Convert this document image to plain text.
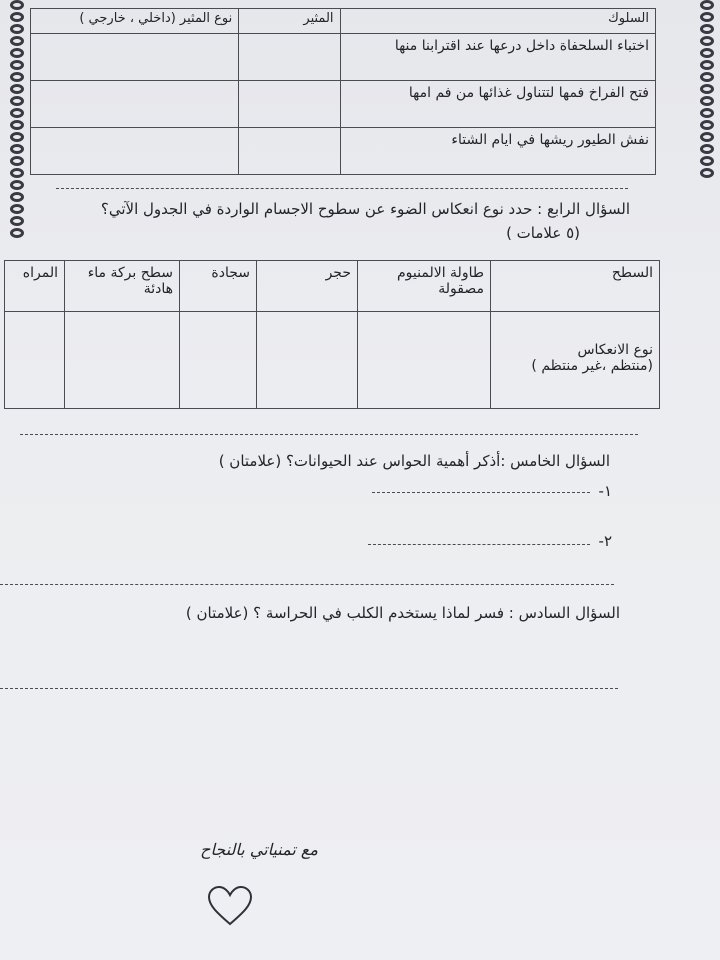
السلوك	المثير	نوع المثير (داخلي ، خارجي )
اختباء السلحفاة داخل درعها عند اقترابنا منها		
فتح الفراخ فمها لتتناول غذائها من فم امها		
نفش الطيور ريشها في ايام الشتاء		
السؤال الرابع : حدد نوع انعكاس الضوء عن سطوح الاجسام الواردة في الجدول الآتي؟
(٥ علامات )
السطح	طاولة الالمنيوم مصقولة	حجر	سجادة	سطح بركة ماء هادئة	المراه

نوع الانعكاس
(منتظم ،غير منتظم )					

السؤال الخامس :أذكر أهمية الحواس عند الحيوانات؟ (علامتان )
١-
٢-
السؤال السادس : فسر لماذا يستخدم الكلب في الحراسة ؟ (علامتان )
مع تمنياتي بالنجاح
